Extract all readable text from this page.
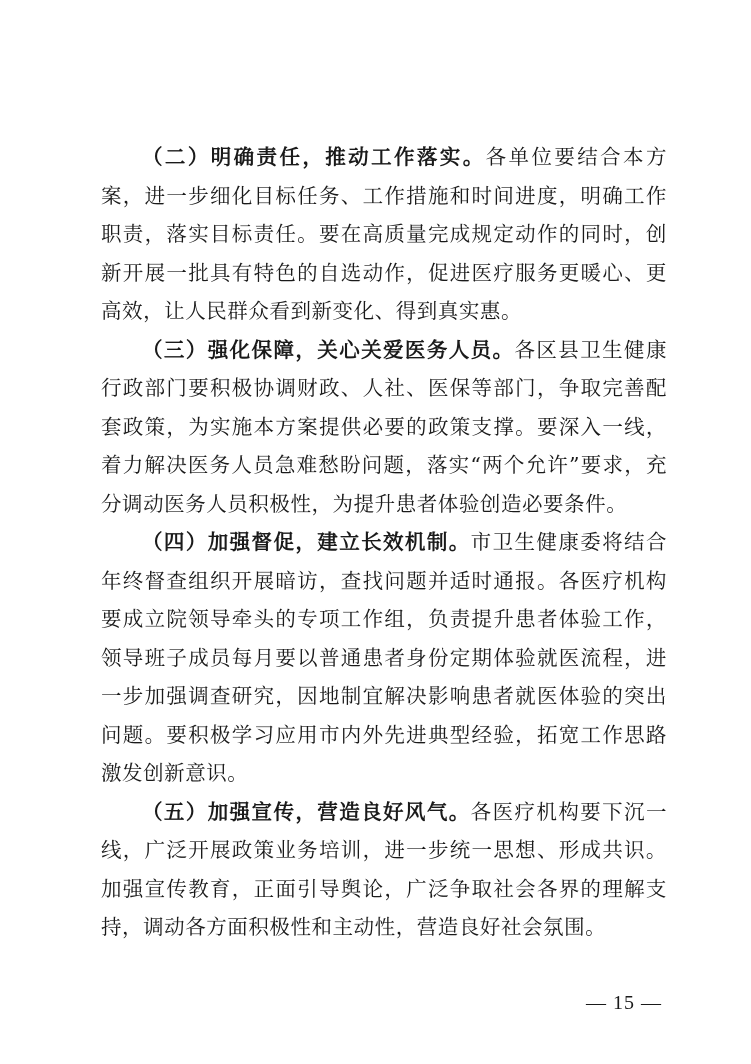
（二）明确责任，推动工作落实。各单位要结合本方案，进一步细化目标任务、工作措施和时间进度，明确工作职责，落实目标责任。要在高质量完成规定动作的同时，创新开展一批具有特色的自选动作，促进医疗服务更暖心、更高效，让人民群众看到新变化、得到真实惠。

（三）强化保障，关心关爱医务人员。各区县卫生健康行政部门要积极协调财政、人社、医保等部门，争取完善配套政策，为实施本方案提供必要的政策支撑。要深入一线，着力解决医务人员急难愁盼问题，落实“两个允许”要求，充分调动医务人员积极性，为提升患者体验创造必要条件。

（四）加强督促，建立长效机制。市卫生健康委将结合年终督查组织开展暗访，查找问题并适时通报。各医疗机构要成立院领导牵头的专项工作组，负责提升患者体验工作，领导班子成员每月要以普通患者身份定期体验就医流程，进一步加强调查研究，因地制宜解决影响患者就医体验的突出问题。要积极学习应用市内外先进典型经验，拓宽工作思路激发创新意识。

（五）加强宣传，营造良好风气。各医疗机构要下沉一线，广泛开展政策业务培训，进一步统一思想、形成共识。加强宣传教育，正面引导舆论，广泛争取社会各界的理解支持，调动各方面积极性和主动性，营造良好社会氛围。

— 15 —
